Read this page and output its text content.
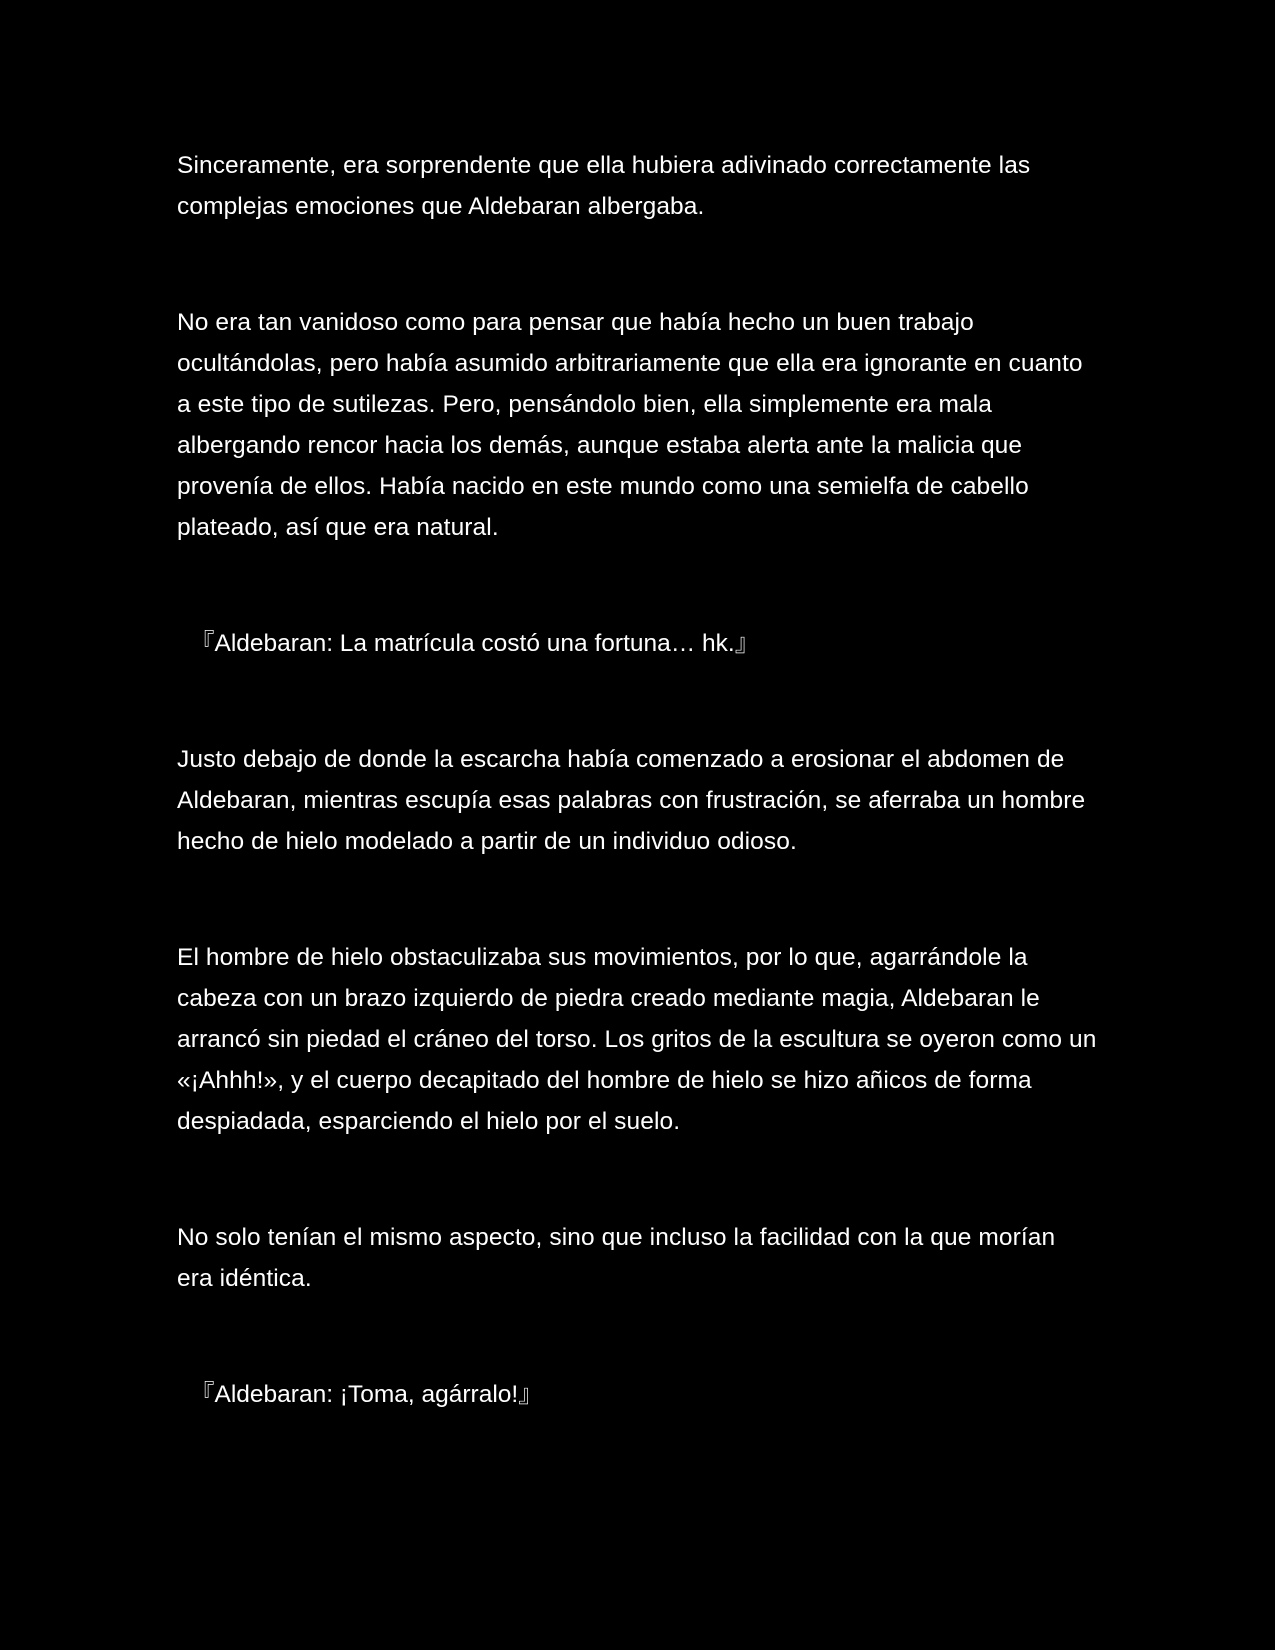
Sinceramente, era sorprendente que ella hubiera adivinado correctamente las complejas emociones que Aldebaran albergaba.

No era tan vanidoso como para pensar que había hecho un buen trabajo ocultándolas, pero había asumido arbitrariamente que ella era ignorante en cuanto a este tipo de sutilezas. Pero, pensándolo bien, ella simplemente era mala albergando rencor hacia los demás, aunque estaba alerta ante la malicia que provenía de ellos. Había nacido en este mundo como una semielfa de cabello plateado, así que era natural.

『Aldebaran: La matrícula costó una fortuna… hk.』

Justo debajo de donde la escarcha había comenzado a erosionar el abdomen de Aldebaran, mientras escupía esas palabras con frustración, se aferraba un hombre hecho de hielo modelado a partir de un individuo odioso.

El hombre de hielo obstaculizaba sus movimientos, por lo que, agarrándole la cabeza con un brazo izquierdo de piedra creado mediante magia, Aldebaran le arrancó sin piedad el cráneo del torso. Los gritos de la escultura se oyeron como un «¡Ahhh!», y el cuerpo decapitado del hombre de hielo se hizo añicos de forma despiadada, esparciendo el hielo por el suelo.

No solo tenían el mismo aspecto, sino que incluso la facilidad con la que morían era idéntica.

『Aldebaran: ¡Toma, agárralo!』
